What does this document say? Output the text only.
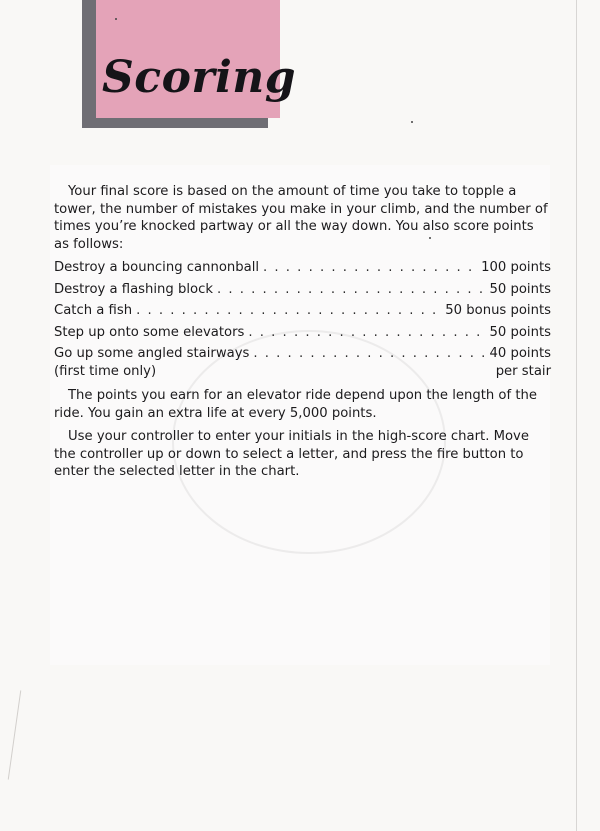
Scoring

Your final score is based on the amount of time you take to topple a tower, the number of mistakes you make in your climb, and the number of times you’re knocked partway or all the way down. You also score points as follows:

Destroy a bouncing cannonball . . .	100 points
Destroy a flashing block . . .	50 points
Catch a fish . . .	50 bonus points
Step up onto some elevators . . .	50 points
Go up some angled stairways . . .	40 points
(first time only)	per stair

The points you earn for an elevator ride depend upon the length of the ride. You gain an extra life at every 5,000 points.

Use your controller to enter your initials in the high-score chart. Move the controller up or down to select a letter, and press the fire button to enter the selected letter in the chart.
